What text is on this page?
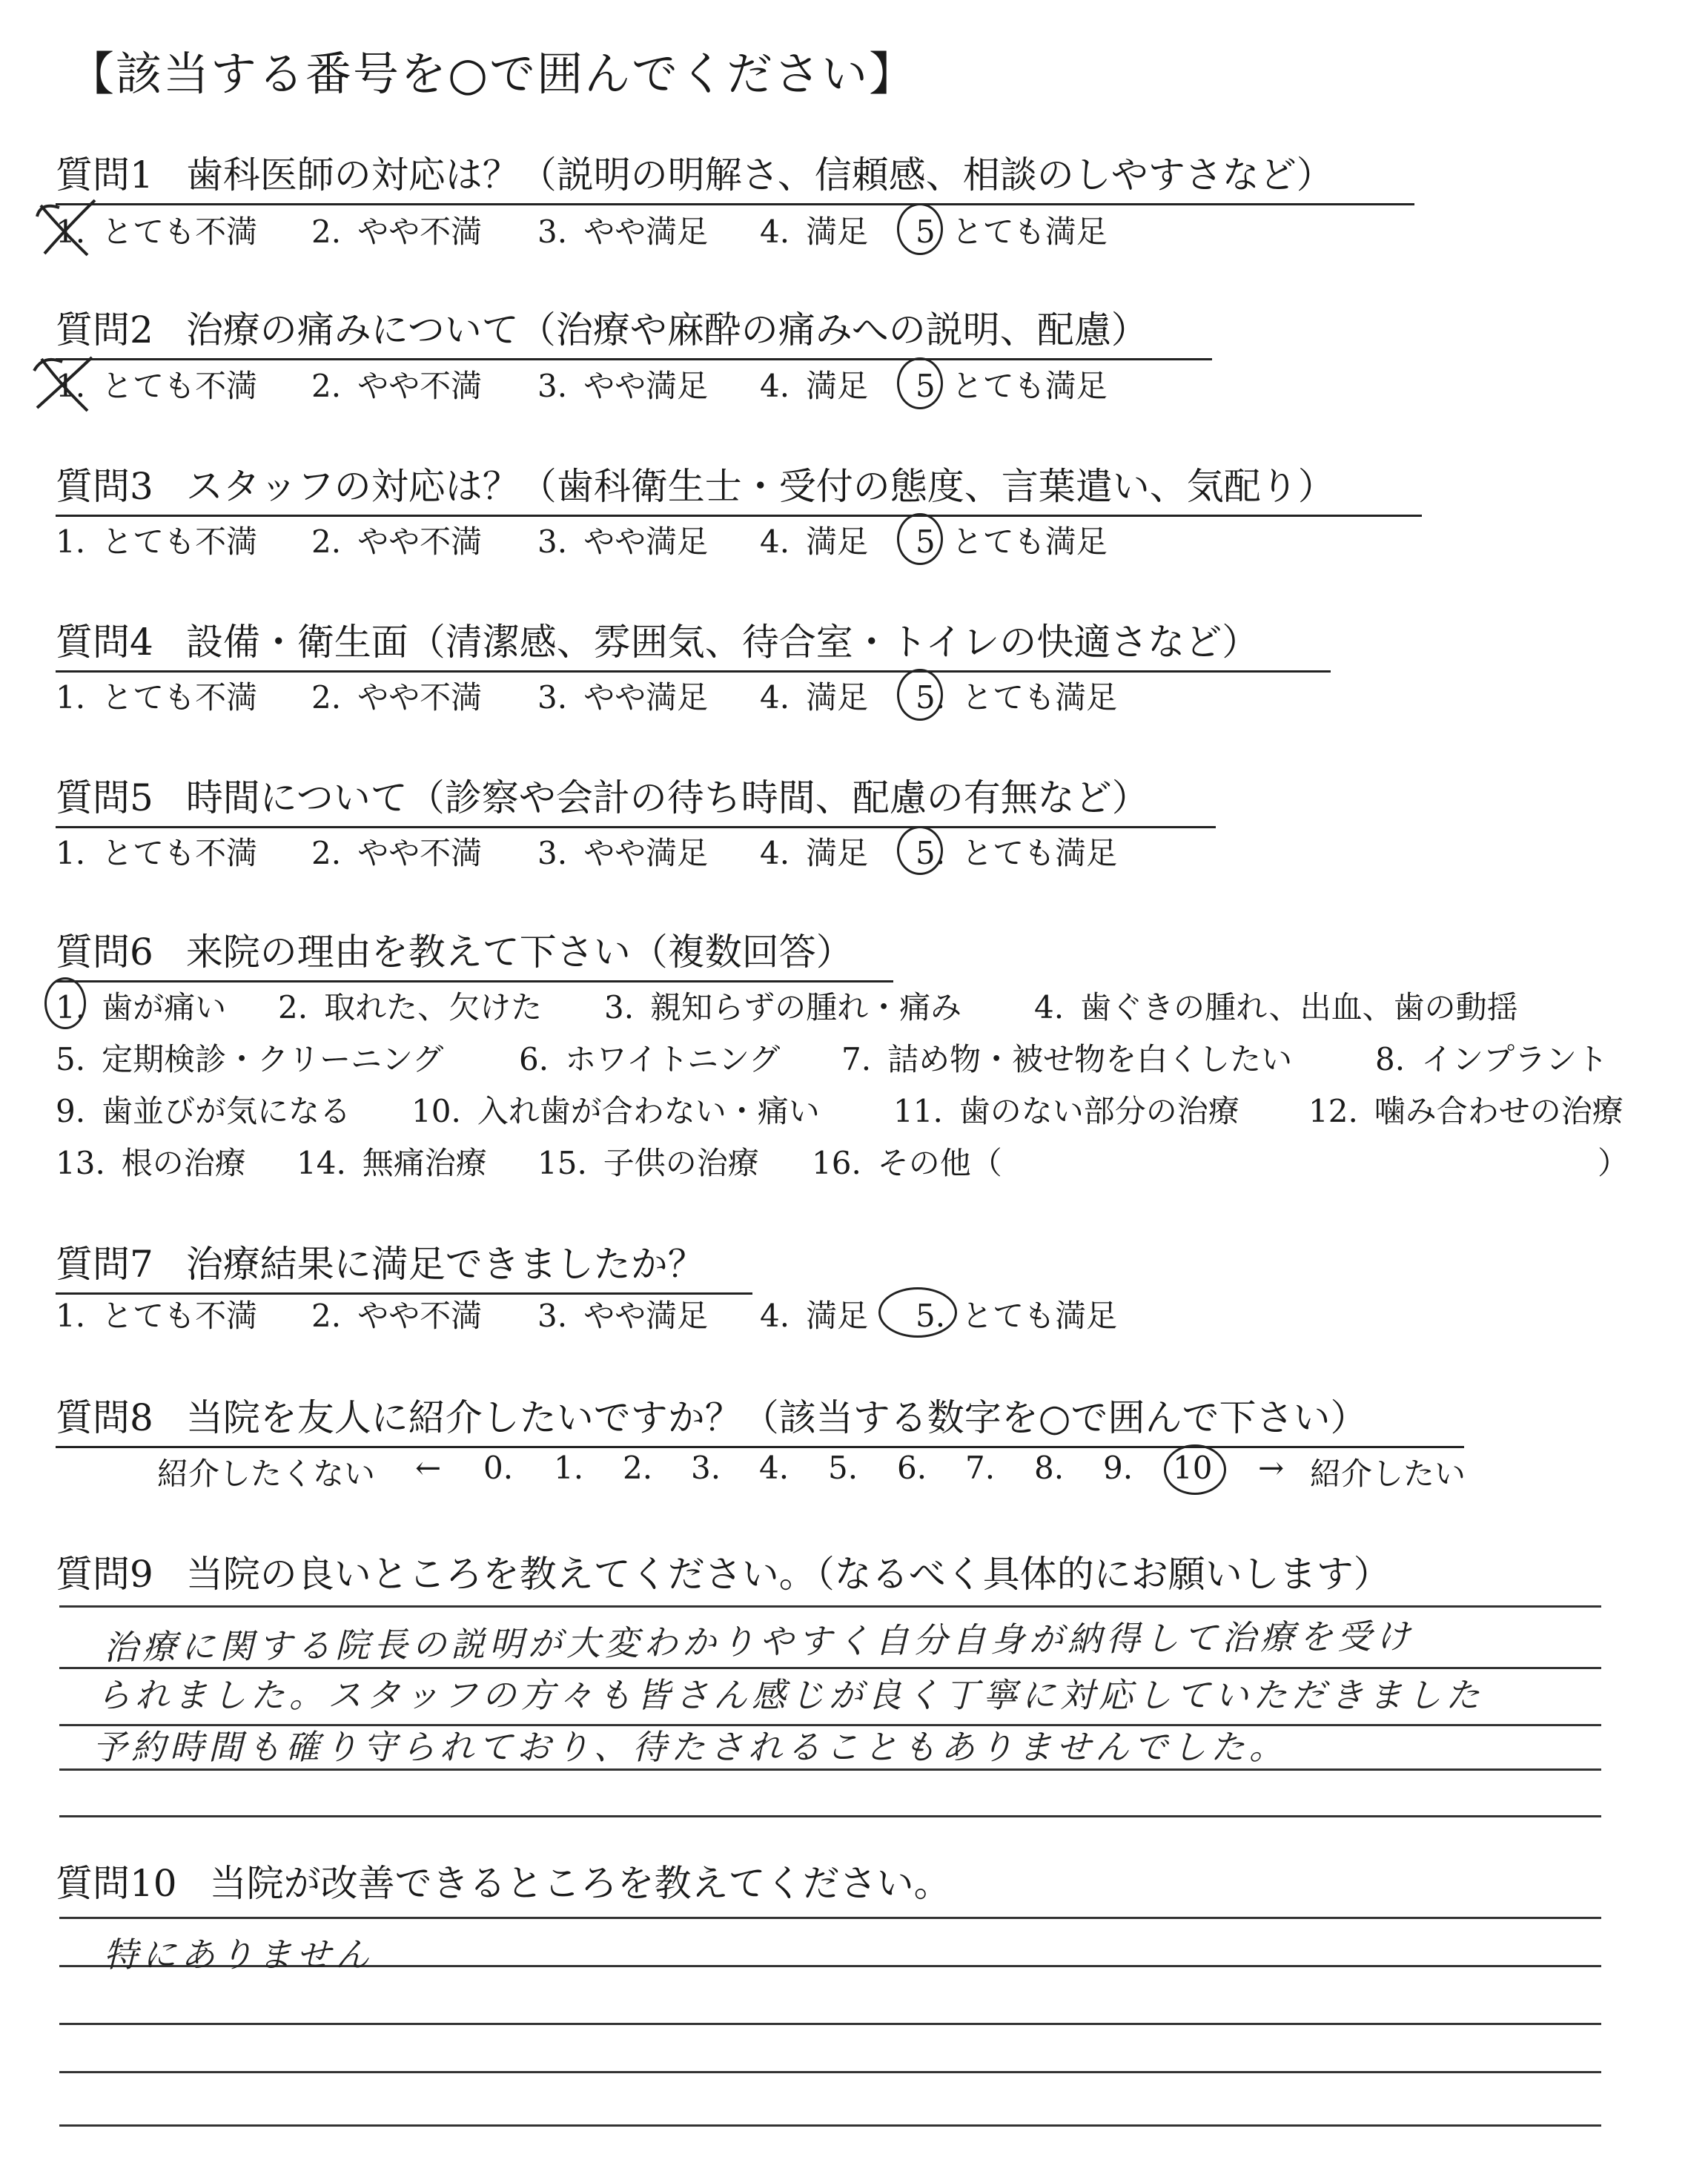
【該当する番号を○で囲んでください】
質問1 歯科医師の対応は？（説明の明解さ、信頼感、相談のしやすさなど）
1. とても不満 2. やや不満 3. やや満足 4. 満足 5 とても満足
質問2 治療の痛みについて（治療や麻酔の痛みへの説明、配慮）
1. とても不満 2. やや不満 3. やや満足 4. 満足 5 とても満足
質問3 スタッフの対応は？（歯科衛生士・受付の態度、言葉遣い、気配り）
1. とても不満 2. やや不満 3. やや満足 4. 満足 5 とても満足
質問4 設備・衛生面（清潔感、雰囲気、待合室・トイレの快適さなど）
1. とても不満 2. やや不満 3. やや満足 4. 満足 5. とても満足
質問5 時間について（診察や会計の待ち時間、配慮の有無など）
1. とても不満 2. やや不満 3. やや満足 4. 満足 5. とても満足
質問6 来院の理由を教えて下さい（複数回答）
1. 歯が痛い 2. 取れた、欠けた 3. 親知らずの腫れ・痛み 4. 歯ぐきの腫れ、出血、歯の動揺
5. 定期検診・クリーニング 6. ホワイトニング 7. 詰め物・被せ物を白くしたい	8. インプラント
9. 歯並びが気になる 10. 入れ歯が合わない・痛い 11. 歯のない部分の治療 12. 噛み合わせの治療
13. 根の治療 14. 無痛治療 15. 子供の治療 16. その他（	）
質問7 治療結果に満足できましたか？
1. とても不満 2. やや不満 3. やや満足 4. 満足 5. とても満足
質問8 当院を友人に紹介したいですか？（該当する数字を○で囲んで下さい）
紹介したくない ← 0. 1. 2. 3. 4. 5. 6. 7. 8. 9. 10 → 紹介したい
質問9 当院の良いところを教えてください。（なるべく具体的にお願いします）
治療に関する院長の説明が大変わかりやすく自分自身が納得して治療を受け
られました。スタッフの方々も皆さん感じが良く丁寧に対応していただきました
予約時間も確り守られており、待たされることもありませんでした。
質問10 当院が改善できるところを教えてください。
特にありません
